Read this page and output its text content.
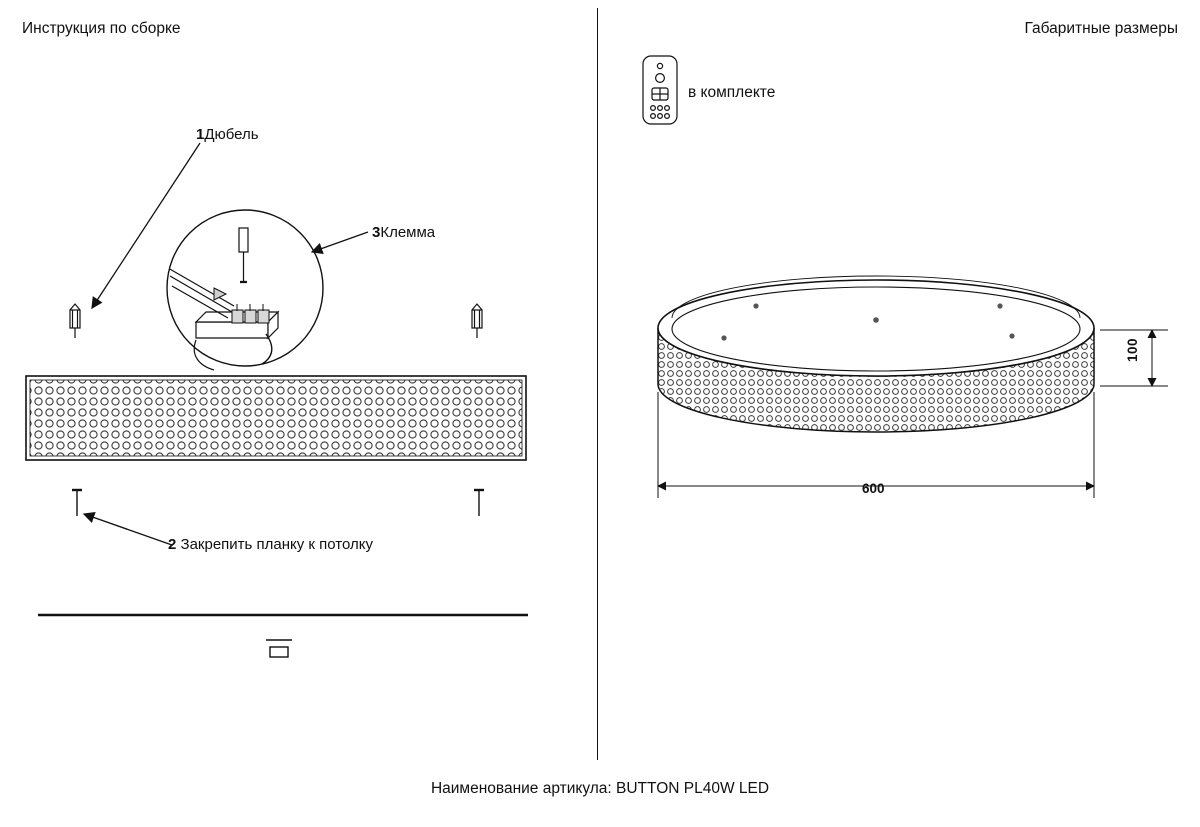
Инструкция по сборке	Габаритные размеры
1Дюбель
3Клемма
2 Закрепить планку к потолку
в комплекте
600
100
Наименование артикула: BUTTON PL40W LED
